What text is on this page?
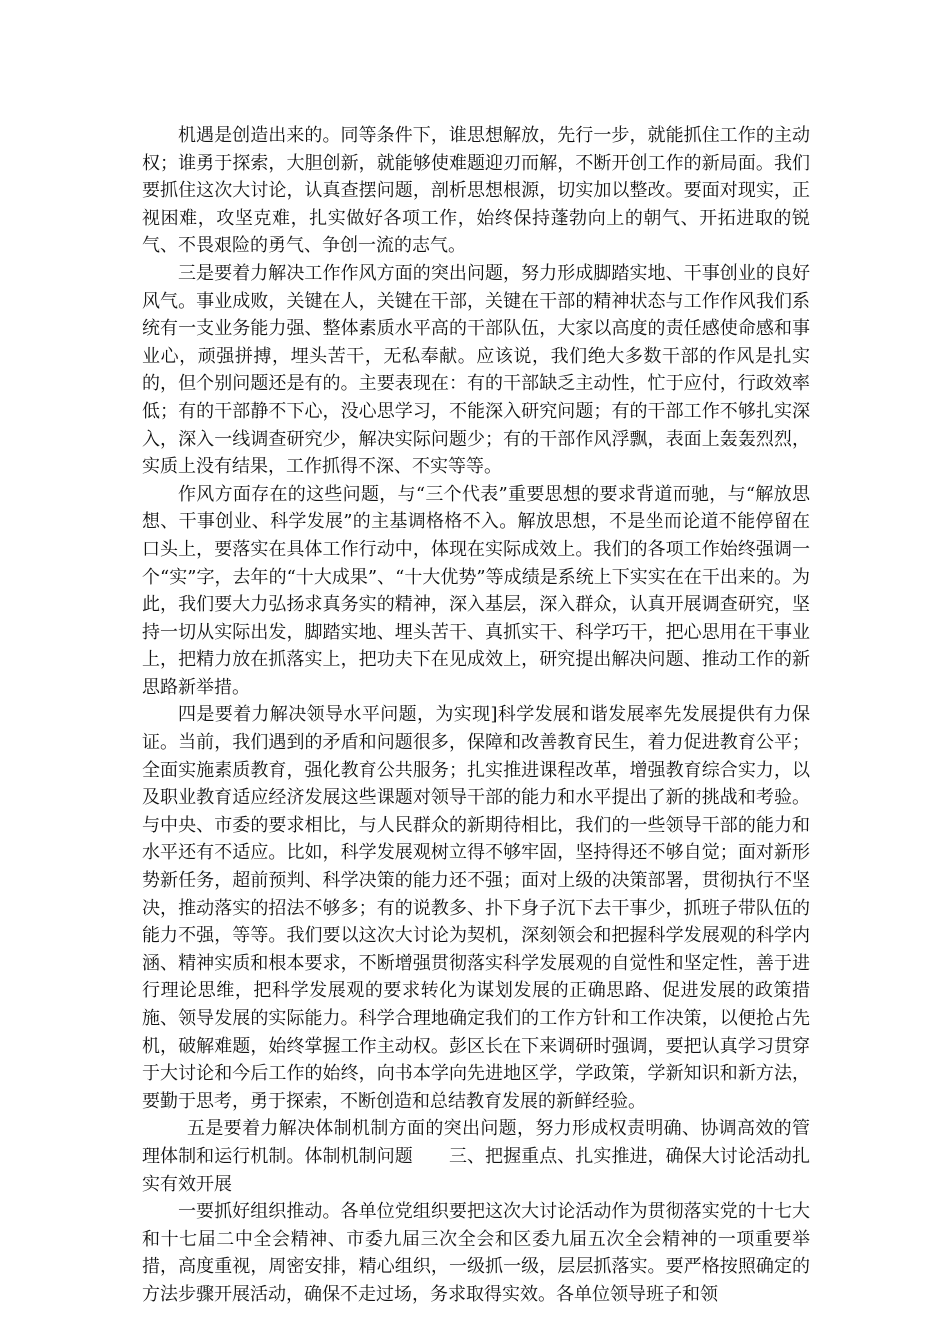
机遇是创造出来的。同等条件下，谁思想解放，先行一步，就能抓住工作的主动权；谁勇于探索，大胆创新，就能够使难题迎刃而解，不断开创工作的新局面。我们要抓住这次大讨论，认真查摆问题，剖析思想根源，切实加以整改。要面对现实，正视困难，攻坚克难，扎实做好各项工作，始终保持蓬勃向上的朝气、开拓进取的锐气、不畏艰险的勇气、争创一流的志气。

三是要着力解决工作作风方面的突出问题，努力形成脚踏实地、干事创业的良好风气。事业成败，关键在人，关键在干部，关键在干部的精神状态与工作作风我们系统有一支业务能力强、整体素质水平高的干部队伍，大家以高度的责任感使命感和事业心，顽强拼搏，埋头苦干，无私奉献。应该说，我们绝大多数干部的作风是扎实的，但个别问题还是有的。主要表现在：有的干部缺乏主动性，忙于应付，行政效率低；有的干部静不下心，没心思学习，不能深入研究问题；有的干部工作不够扎实深入，深入一线调查研究少，解决实际问题少；有的干部作风浮飘，表面上轰轰烈烈，实质上没有结果，工作抓得不深、不实等等。

作风方面存在的这些问题，与“三个代表”重要思想的要求背道而驰，与“解放思想、干事创业、科学发展”的主基调格格不入。解放思想，不是坐而论道不能停留在口头上，要落实在具体工作行动中，体现在实际成效上。我们的各项工作始终强调一个“实”字，去年的“十大成果”、“十大优势”等成绩是系统上下实实在在干出来的。为此，我们要大力弘扬求真务实的精神，深入基层，深入群众，认真开展调查研究，坚持一切从实际出发，脚踏实地、埋头苦干、真抓实干、科学巧干，把心思用在干事业上，把精力放在抓落实上，把功夫下在见成效上，研究提出解决问题、推动工作的新思路新举措。

四是要着力解决领导水平问题，为实现]科学发展和谐发展率先发展提供有力保证。当前，我们遇到的矛盾和问题很多，保障和改善教育民生，着力促进教育公平；全面实施素质教育，强化教育公共服务；扎实推进课程改革，增强教育综合实力，以及职业教育适应经济发展这些课题对领导干部的能力和水平提出了新的挑战和考验。与中央、市委的要求相比，与人民群众的新期待相比，我们的一些领导干部的能力和水平还有不适应。比如，科学发展观树立得不够牢固，坚持得还不够自觉；面对新形势新任务，超前预判、科学决策的能力还不强；面对上级的决策部署，贯彻执行不坚决，推动落实的招法不够多；有的说教多、扑下身子沉下去干事少，抓班子带队伍的能力不强，等等。我们要以这次大讨论为契机，深刻领会和把握科学发展观的科学内涵、精神实质和根本要求，不断增强贯彻落实科学发展观的自觉性和坚定性，善于进行理论思维，把科学发展观的要求转化为谋划发展的正确思路、促进发展的政策措施、领导发展的实际能力。科学合理地确定我们的工作方针和工作决策，以便抢占先机，破解难题，始终掌握工作主动权。彭区长在下来调研时强调，要把认真学习贯穿于大讨论和今后工作的始终，向书本学向先进地区学，学政策，学新知识和新方法，要勤于思考，勇于探索，不断创造和总结教育发展的新鲜经验。

五是要着力解决体制机制方面的突出问题，努力形成权责明确、协调高效的管理体制和运行机制。体制机制问题　　三、把握重点、扎实推进，确保大讨论活动扎实有效开展

一要抓好组织推动。各单位党组织要把这次大讨论活动作为贯彻落实党的十七大和十七届二中全会精神、市委九届三次全会和区委九届五次全会精神的一项重要举措，高度重视，周密安排，精心组织，一级抓一级，层层抓落实。要严格按照确定的方法步骤开展活动，确保不走过场，务求取得实效。各单位领导班子和领
